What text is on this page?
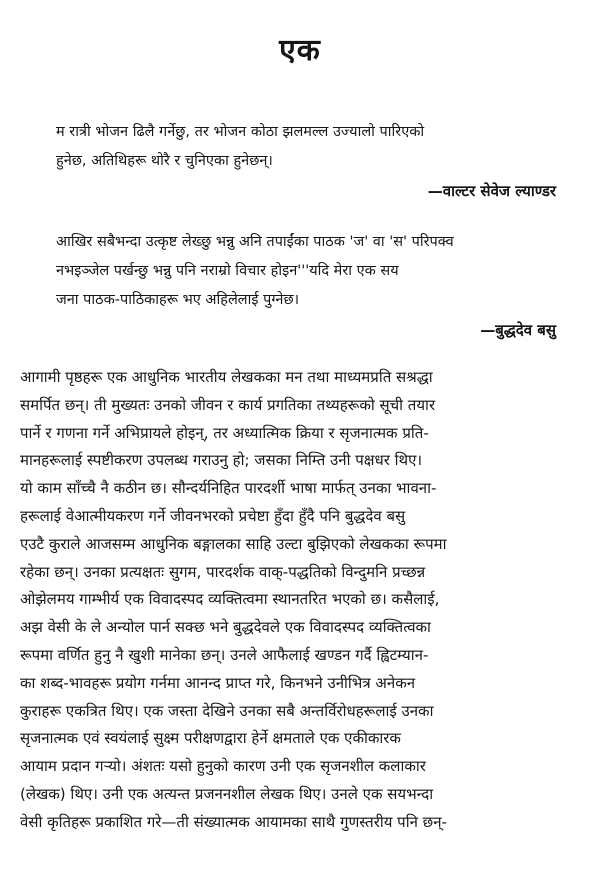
एक
म रात्री भोजन ढिलै गर्नेछु, तर भोजन कोठा झलमल्ल उज्यालो पारिएको
हुनेछ, अतिथिहरू थोरै र चुनिएका हुनेछन्।
—वाल्टर सेवेज ल्याण्डर
आखिर सबैभन्दा उत्कृष्ट लेख्छु भन्नु अनि तपाईंका पाठक 'ज' वा 'स' परिपक्व
नभइञ्जेल पर्खन्छु भन्नु पनि नराम्रो विचार होइन'''यदि मेरा एक सय
जना पाठक-पाठिकाहरू भए अहिलेलाई पुग्नेछ।
—बुद्धदेव बसु
आगामी पृष्ठहरू एक आधुनिक भारतीय लेखकका मन तथा माध्यमप्रति सश्रद्धा
समर्पित छन्। ती मुख्यतः उनको जीवन र कार्य प्रगतिका तथ्यहरूको सूची तयार
पार्ने र गणना गर्ने अभिप्रायले होइन्, तर अध्यात्मिक क्रिया र सृजनात्मक प्रति-
मानहरूलाई स्पष्टीकरण उपलब्ध गराउनु हो; जसका निम्ति उनी पक्षधर थिए।
यो काम साँच्चै नै कठीन छ। सौन्दर्यनिहित पारदर्शी भाषा मार्फत् उनका भावना-
हरूलाई वेआत्मीयकरण गर्ने जीवनभरको प्रचेष्टा हुँदा हुँदै पनि बुद्धदेव बसु
एउटै कुराले आजसम्म आधुनिक बङ्गालका साहि उल्टा बुझिएको लेखकका रूपमा
रहेका छन्। उनका प्रत्यक्षतः सुगम, पारदर्शक वाक्-पद्धतिको विन्दुमनि प्रच्छन्न
ओझेलमय गाम्भीर्य एक विवादस्पद व्यक्तित्वमा स्थानतरित भएको छ। कसैलाई,
अझ वेसी के ले अन्योल पार्न सक्छ भने बुद्धदेवले एक विवादस्पद व्यक्तित्वका
रूपमा वर्णित हुनु नै खुशी मानेका छन्। उनले आफैलाई खण्डन गर्दै ह्विटम्यान-
का शब्द-भावहरू प्रयोग गर्नमा आनन्द प्राप्त गरे, किनभने उनीभित्र अनेकन
कुराहरू एकत्रित थिए। एक जस्ता देखिने उनका सबै अन्तर्विरोधहरूलाई उनका
सृजनात्मक एवं स्वयंलाई सुक्ष्म परीक्षणद्वारा हेर्ने क्षमताले एक एकीकारक
आयाम प्रदान गर्‍यो। अंशतः यसो हुनुको कारण उनी एक सृजनशील कलाकार
(लेखक) थिए। उनी एक अत्यन्त प्रजननशील लेखक थिए। उनले एक सयभन्दा
वेसी कृतिहरू प्रकाशित गरे—ती संख्यात्मक आयामका साथै गुणस्तरीय पनि छन्-
